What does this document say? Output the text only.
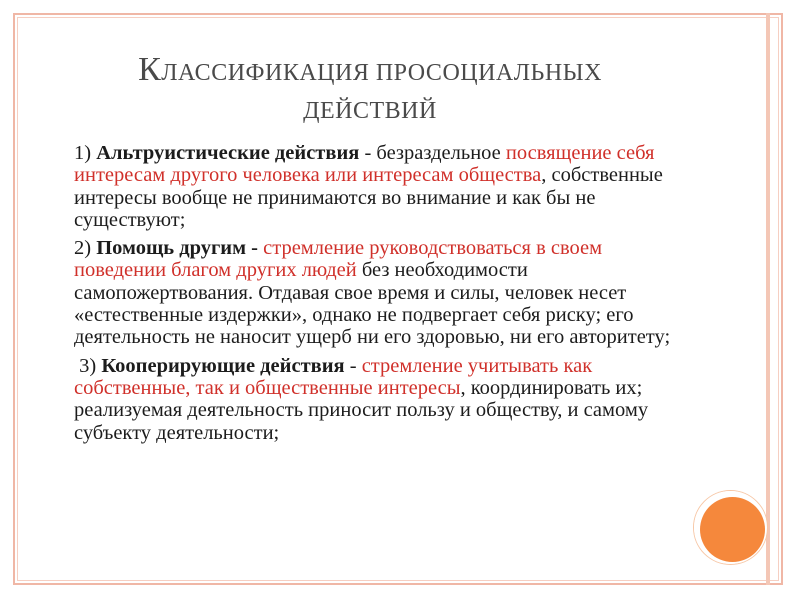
КЛАССИФИКАЦИЯ ПРОСОЦИАЛЬНЫХ ДЕЙСТВИЙ

1) Альтруистические действия - безраздельное посвящение себя интересам другого человека или интересам общества, собственные интересы вообще не принимаются во внимание и как бы не существуют;

2) Помощь другим - стремление руководствоваться в своем поведении благом других людей без необходимости самопожертвования. Отдавая свое время и силы, человек несет «естественные издержки», однако не подвергает себя риску; его деятельность не наносит ущерб ни его здоровью, ни его авторитету;

3) Кооперирующие действия - стремление учитывать как собственные, так и общественные интересы, координировать их; реализуемая деятельность приносит пользу и обществу, и самому субъекту деятельности;
